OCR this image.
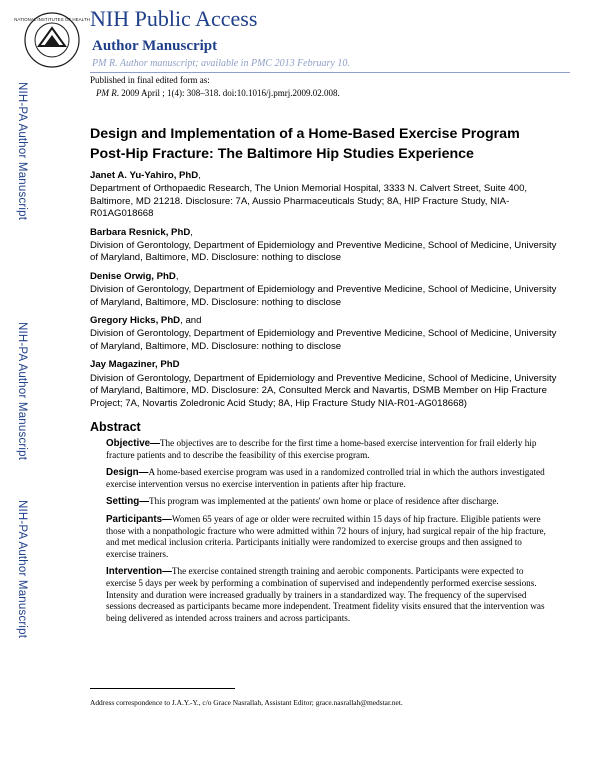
NATIONAL INSTITUTES OF HEALTH NIH Public Access
Author Manuscript
PM R. Author manuscript; available in PMC 2013 February 10.
Published in final edited form as:
PM R. 2009 April ; 1(4): 308–318. doi:10.1016/j.pmrj.2009.02.008.
NIH-PA Author Manuscript
NIH-PA Author Manuscript
NIH-PA Author Manuscript
Design and Implementation of a Home-Based Exercise Program Post-Hip Fracture: The Baltimore Hip Studies Experience
Janet A. Yu-Yahiro, PhD,
Department of Orthopaedic Research, The Union Memorial Hospital, 3333 N. Calvert Street, Suite 400, Baltimore, MD 21218. Disclosure: 7A, Aussio Pharmaceuticals Study; 8A, HIP Fracture Study, NIA-R01AG018668
Barbara Resnick, PhD,
Division of Gerontology, Department of Epidemiology and Preventive Medicine, School of Medicine, University of Maryland, Baltimore, MD. Disclosure: nothing to disclose
Denise Orwig, PhD,
Division of Gerontology, Department of Epidemiology and Preventive Medicine, School of Medicine, University of Maryland, Baltimore, MD. Disclosure: nothing to disclose
Gregory Hicks, PhD, and
Division of Gerontology, Department of Epidemiology and Preventive Medicine, School of Medicine, University of Maryland, Baltimore, MD. Disclosure: nothing to disclose
Jay Magaziner, PhD
Division of Gerontology, Department of Epidemiology and Preventive Medicine, School of Medicine, University of Maryland, Baltimore, MD. Disclosure: 2A, Consulted Merck and Navartis, DSMB Member on Hip Fracture Project; 7A, Novartis Zoledronic Acid Study; 8A, Hip Fracture Study NIA-R01-AG018668)
Abstract
Objective—The objectives are to describe for the first time a home-based exercise intervention for frail elderly hip fracture patients and to describe the feasibility of this exercise program.
Design—A home-based exercise program was used in a randomized controlled trial in which the authors investigated exercise intervention versus no exercise intervention in patients after hip fracture.
Setting—This program was implemented at the patients' own home or place of residence after discharge.
Participants—Women 65 years of age or older were recruited within 15 days of hip fracture. Eligible patients were those with a nonpathologic fracture who were admitted within 72 hours of injury, had surgical repair of the hip fracture, and met medical inclusion criteria. Participants initially were randomized to exercise groups and then assigned to exercise trainers.
Intervention—The exercise contained strength training and aerobic components. Participants were expected to exercise 5 days per week by performing a combination of supervised and independently performed exercise sessions. Intensity and duration were increased gradually by trainers in a standardized way. The frequency of the supervised sessions decreased as participants became more independent. Treatment fidelity visits ensured that the intervention was being delivered as intended across trainers and across participants.
Address correspondence to J.A.Y.-Y., c/o Grace Nasrallah, Assistant Editor; grace.nasrallah@medstar.net.
